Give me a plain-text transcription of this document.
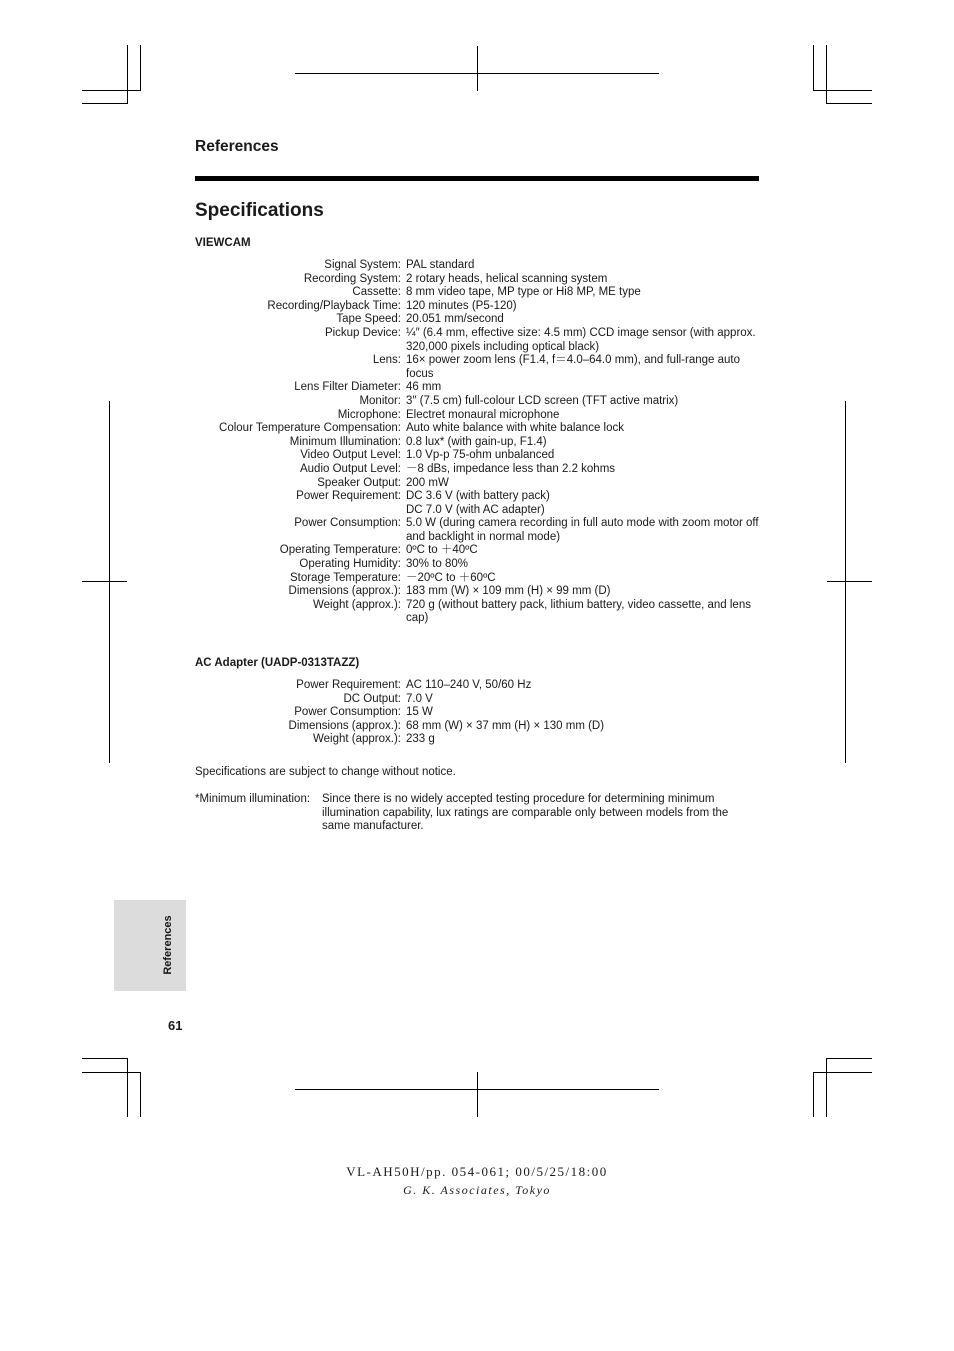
References
Specifications
VIEWCAM
Signal System: PAL standard
Recording System: 2 rotary heads, helical scanning system
Cassette: 8 mm video tape, MP type or Hi8 MP, ME type
Recording/Playback Time: 120 minutes (P5-120)
Tape Speed: 20.051 mm/second
Pickup Device: ¼″ (6.4 mm, effective size: 4.5 mm) CCD image sensor (with approx. 320,000 pixels including optical black)
Lens: 16× power zoom lens (F1.4, f＝4.0–64.0 mm), and full-range auto focus
Lens Filter Diameter: 46 mm
Monitor: 3″ (7.5 cm) full-colour LCD screen (TFT active matrix)
Microphone: Electret monaural microphone
Colour Temperature Compensation: Auto white balance with white balance lock
Minimum Illumination: 0.8 lux* (with gain-up, F1.4)
Video Output Level: 1.0 Vp-p 75-ohm unbalanced
Audio Output Level: －8 dBs, impedance less than 2.2 kohms
Speaker Output: 200 mW
Power Requirement: DC 3.6 V (with battery pack)
DC 7.0 V (with AC adapter)
Power Consumption: 5.0 W (during camera recording in full auto mode with zoom motor off and backlight in normal mode)
Operating Temperature: 0ºC to ＋40ºC
Operating Humidity: 30% to 80%
Storage Temperature: －20ºC to ＋60ºC
Dimensions (approx.): 183 mm (W) × 109 mm (H) × 99 mm (D)
Weight (approx.): 720 g (without battery pack, lithium battery, video cassette, and lens cap)
AC Adapter (UADP-0313TAZZ)
Power Requirement: AC 110–240 V, 50/60 Hz
DC Output: 7.0 V
Power Consumption: 15 W
Dimensions (approx.): 68 mm (W) × 37 mm (H) × 130 mm (D)
Weight (approx.): 233 g

Specifications are subject to change without notice.

*Minimum illumination:	Since there is no widely accepted testing procedure for determining minimum illumination capability, lux ratings are comparable only between models from the same manufacturer.
References
61
VL-AH50H/pp. 054-061; 00/5/25/18:00
G. K. Associates, Tokyo
